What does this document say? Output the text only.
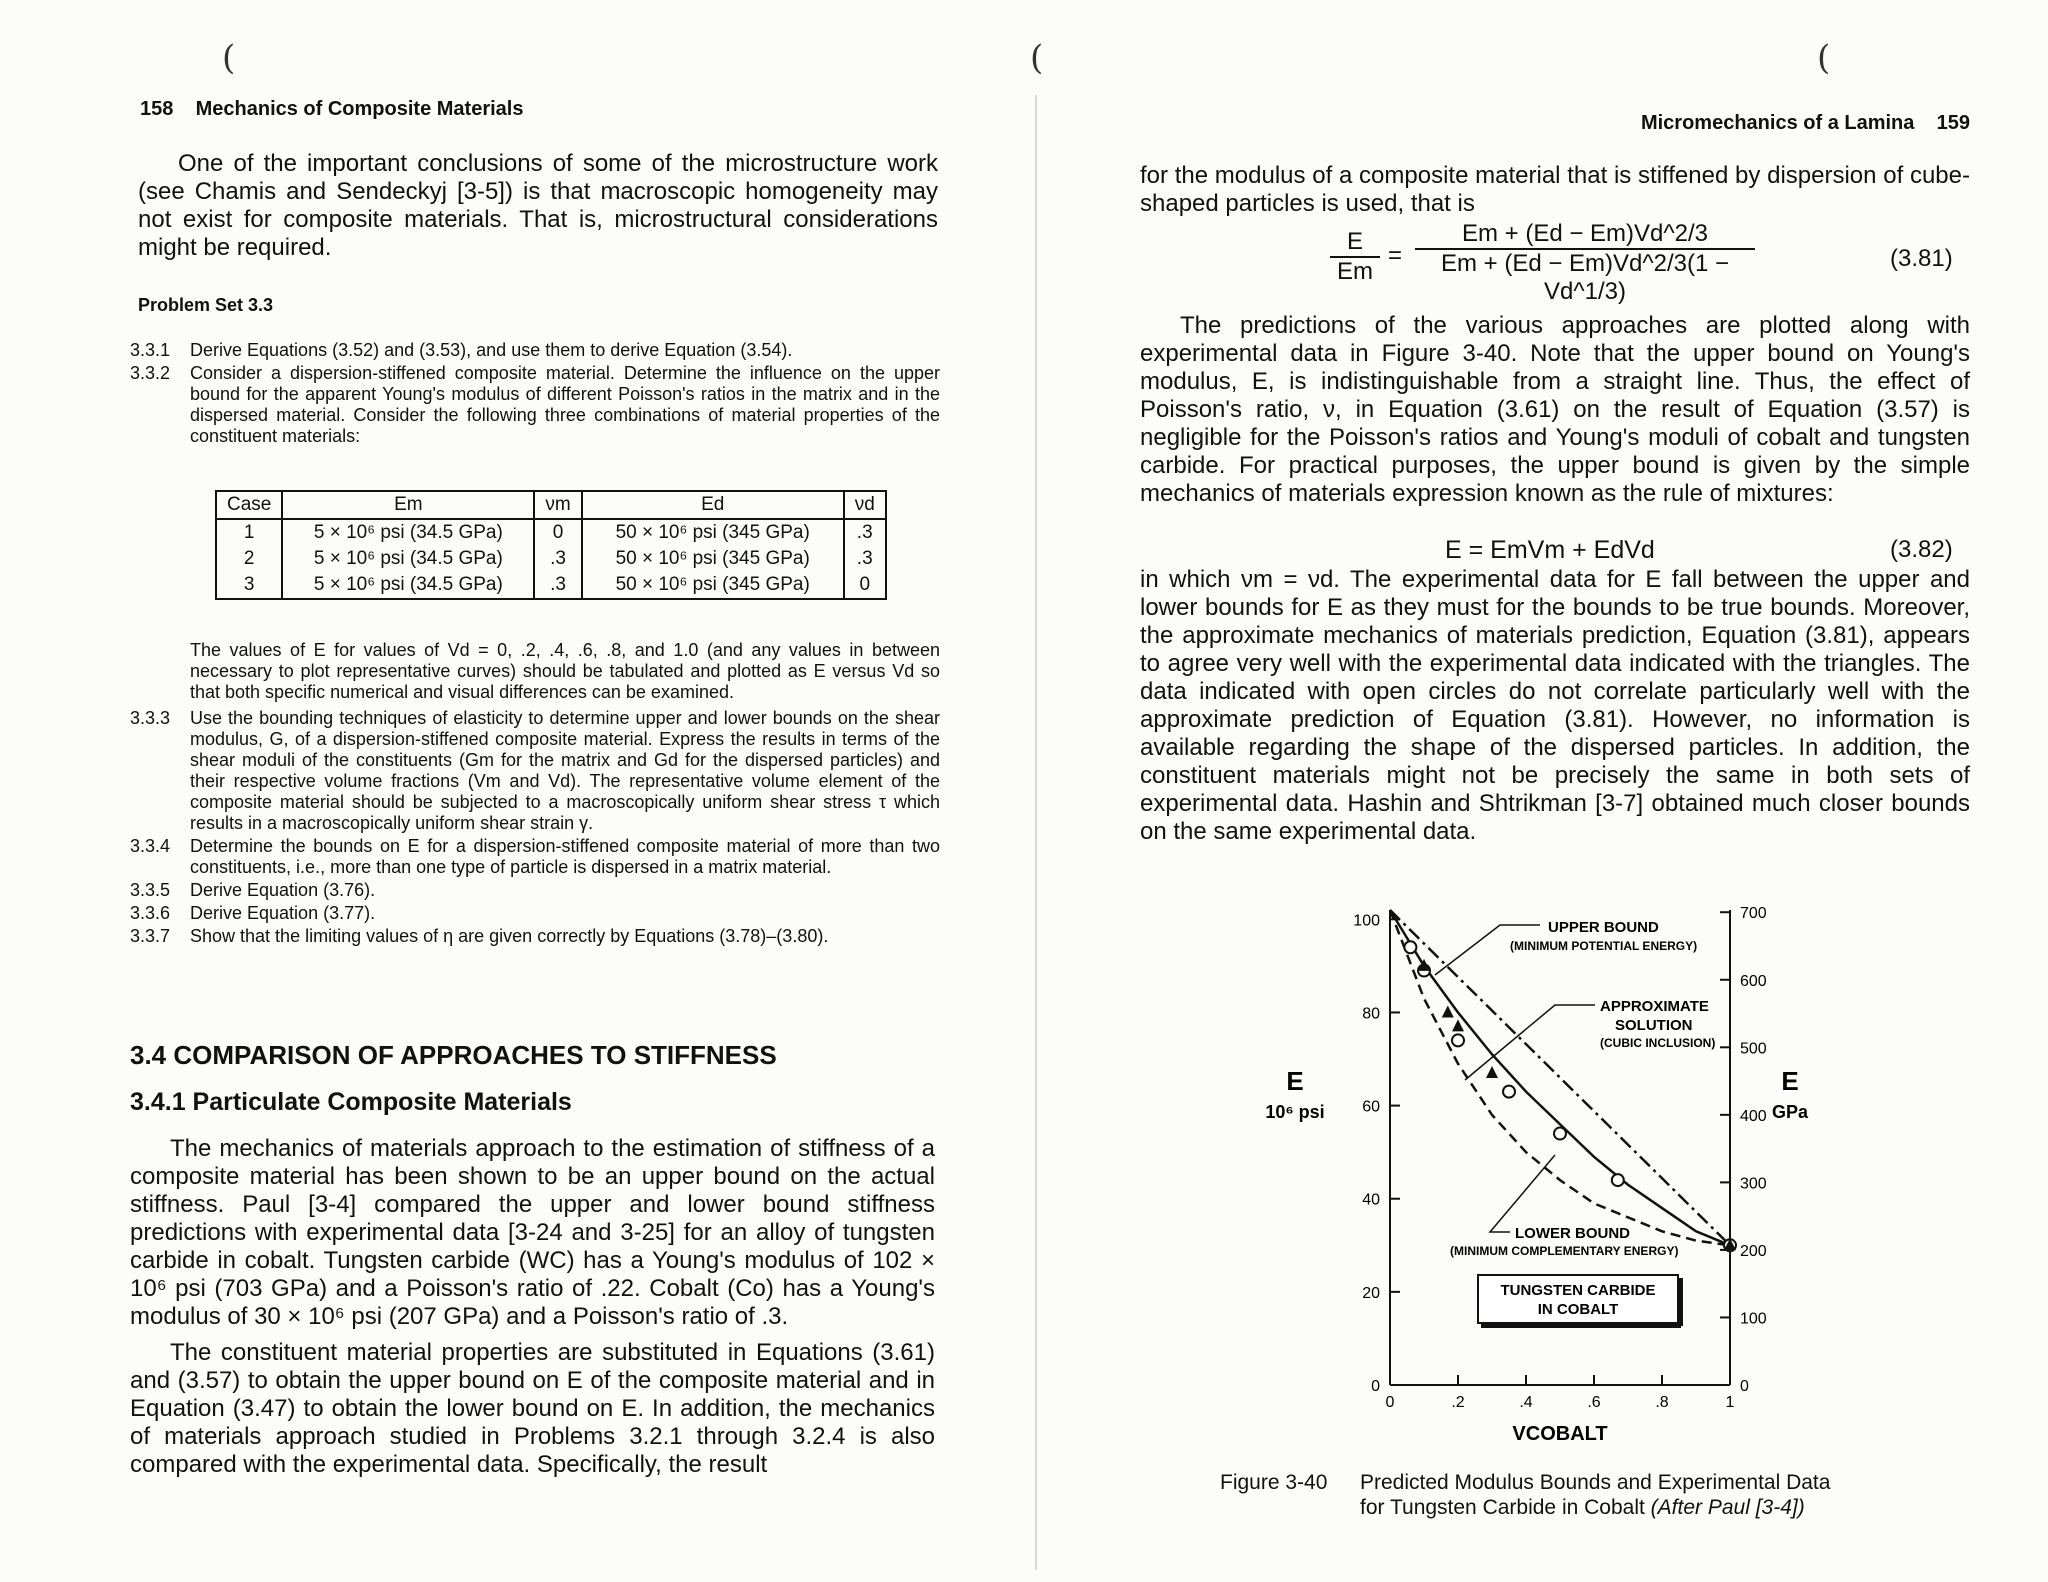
(
158 Mechanics of Composite Materials

One of the important conclusions of some of the microstructure work (see Chamis and Sendeckyj [3-5]) is that macroscopic homogeneity may not exist for composite materials. That is, microstructural considerations might be required.

Problem Set 3.3
3.3.1	Derive Equations (3.52) and (3.53), and use them to derive Equation (3.54).
3.3.2	Consider a dispersion-stiffened composite material. Determine the influence on the upper bound for the apparent Young's modulus of different Poisson's ratios in the matrix and in the dispersed material. Consider the following three combinations of material properties of the constituent materials:
Case	Em	νm	Ed	νd
1	5 × 10⁶ psi (34.5 GPa)	0	50 × 10⁶ psi (345 GPa)	.3
2	5 × 10⁶ psi (34.5 GPa)	.3	50 × 10⁶ psi (345 GPa)	.3
3	5 × 10⁶ psi (34.5 GPa)	.3	50 × 10⁶ psi (345 GPa)	0
The values of E for values of Vd = 0, .2, .4, .6, .8, and 1.0 (and any values in between necessary to plot representative curves) should be tabulated and plotted as E versus Vd so that both specific numerical and visual differences can be examined.
3.3.3	Use the bounding techniques of elasticity to determine upper and lower bounds on the shear modulus, G, of a dispersion-stiffened composite material. Express the results in terms of the shear moduli of the constituents (Gm for the matrix and Gd for the dispersed particles) and their respective volume fractions (Vm and Vd). The representative volume element of the composite material should be subjected to a macroscopically uniform shear stress τ which results in a macroscopically uniform shear strain γ.
3.3.4	Determine the bounds on E for a dispersion-stiffened composite material of more than two constituents, i.e., more than one type of particle is dispersed in a matrix material.
3.3.5	Derive Equation (3.76).
3.3.6	Derive Equation (3.77).
3.3.7	Show that the limiting values of η are given correctly by Equations (3.78)–(3.80).
3.4 COMPARISON OF APPROACHES TO STIFFNESS
3.4.1 Particulate Composite Materials

The mechanics of materials approach to the estimation of stiffness of a composite material has been shown to be an upper bound on the actual stiffness. Paul [3-4] compared the upper and lower bound stiffness predictions with experimental data [3-24 and 3-25] for an alloy of tungsten carbide in cobalt. Tungsten carbide (WC) has a Young's modulus of 102 × 10⁶ psi (703 GPa) and a Poisson's ratio of .22. Cobalt (Co) has a Young's modulus of 30 × 10⁶ psi (207 GPa) and a Poisson's ratio of .3.

The constituent material properties are substituted in Equations (3.61) and (3.57) to obtain the upper bound on E of the composite material and in Equation (3.47) to obtain the lower bound on E. In addition, the mechanics of materials approach studied in Problems 3.2.1 through 3.2.4 is also compared with the experimental data. Specifically, the result

(	(
Micromechanics of a Lamina 159

for the modulus of a composite material that is stiffened by dispersion of cube-shaped particles is used, that is

E
Em
= $\frac{Em + (Ed - Em)Vd\^{}2/3}{Em + (Ed - Em)Vd\^{}2/3(1 - Vd\^{}1/3)}$	(3.81)

The predictions of the various approaches are plotted along with experimental data in Figure 3-40. Note that the upper bound on Young's modulus, E, is indistinguishable from a straight line. Thus, the effect of Poisson's ratio, ν, in Equation (3.61) on the result of Equation (3.57) is negligible for the Poisson's ratios and Young's moduli of cobalt and tungsten carbide. For practical purposes, the upper bound is given by the simple mechanics of materials expression known as the rule of mixtures:

E = EmVm + EdVd	(3.82)

in which νm = νd. The experimental data for E fall between the upper and lower bounds for E as they must for the bounds to be true bounds. Moreover, the approximate mechanics of materials prediction, Equation (3.81), appears to agree very well with the experimental data indicated with the triangles. The data indicated with open circles do not correlate particularly well with the approximate prediction of Equation (3.81). However, no information is available regarding the shape of the dispersed particles. In addition, the constituent materials might not be precisely the same in both sets of experimental data. Hashin and Shtrikman [3-7] obtained much closer bounds on the same experimental data.

0	.2	.4	.6	.8	1
0
20
40
60
80
100
0
100
200
300
400
500
600
700
E
10⁶ psi
E
GPa
VCOBALT
UPPER BOUND
(MINIMUM POTENTIAL ENERGY)
APPROXIMATE
SOLUTION
(CUBIC INCLUSION)
LOWER BOUND
(MINIMUM COMPLEMENTARY ENERGY)
TUNGSTEN CARBIDE
IN COBALT
Figure 3-40 Predicted Modulus Bounds and Experimental Data
for Tungsten Carbide in Cobalt (After Paul [3-4])
